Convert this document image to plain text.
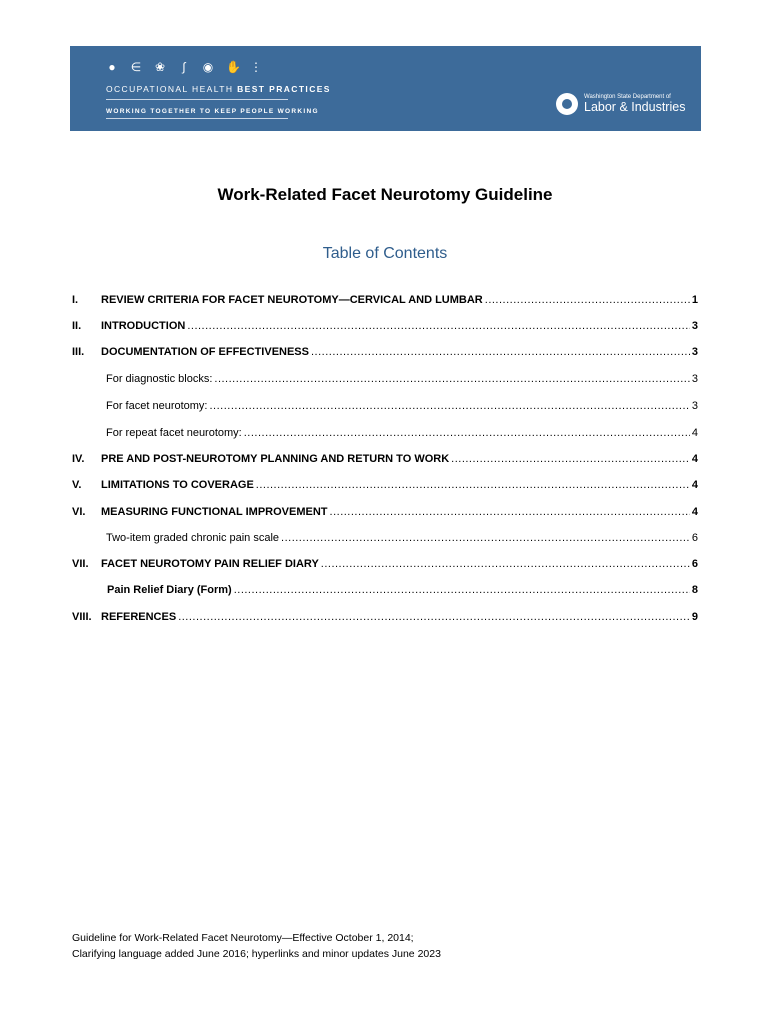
● ∈ ❀	∫	◉ ✋ ⋮
OCCUPATIONAL HEALTH BEST PRACTICES
WORKING TOGETHER TO KEEP PEOPLE WORKING
Washington State Department of
Labor & Industries
Work-Related Facet Neurotomy Guideline
Table of Contents
I.	REVIEW CRITERIA FOR FACET NEUROTOMY—CERVICAL AND LUMBAR .....	1
II.	INTRODUCTION .....	3
III.	DOCUMENTATION OF EFFECTIVENESS .....	3
For diagnostic blocks: .....	3
For facet neurotomy: .....	3
For repeat facet neurotomy: .....	4
IV.	PRE AND POST-NEUROTOMY PLANNING AND RETURN TO WORK .....	4
V.	LIMITATIONS TO COVERAGE .....	4
VI.	MEASURING FUNCTIONAL IMPROVEMENT .....	4
Two-item graded chronic pain scale .....	6
VII.	FACET NEUROTOMY PAIN RELIEF DIARY .....	6
Pain Relief Diary (Form) .....	8
VIII. REFERENCES .....	9
Guideline for Work-Related Facet Neurotomy—Effective October 1, 2014;
Clarifying language added June 2016; hyperlinks and minor updates June 2023
